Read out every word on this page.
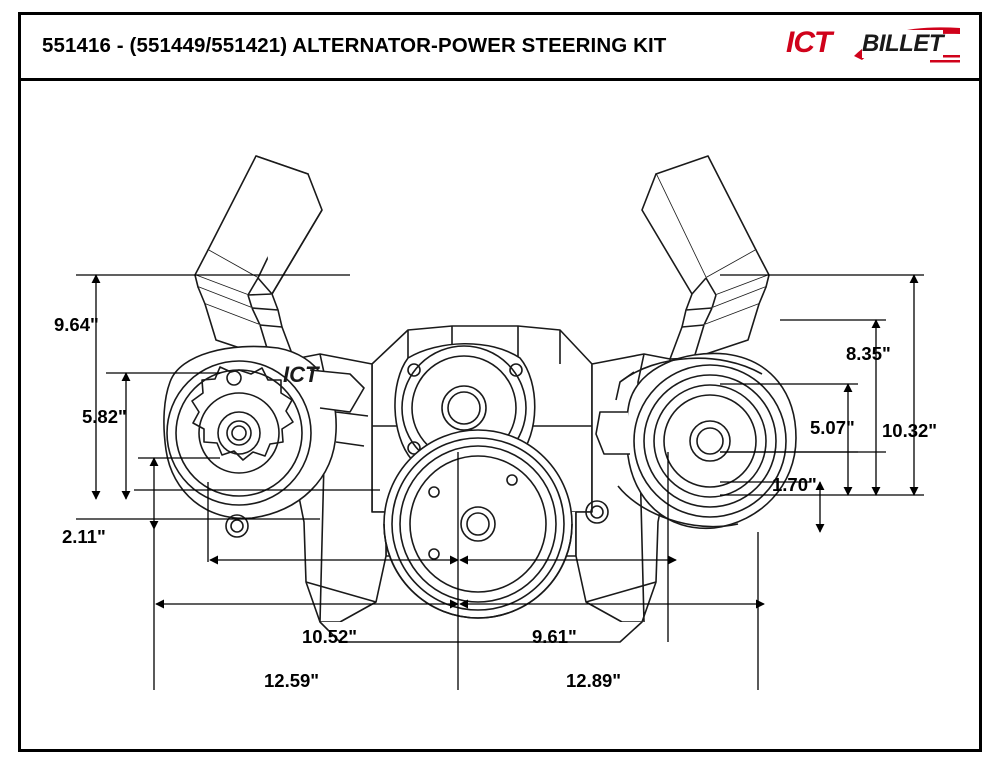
551416 - (551449/551421) ALTERNATOR-POWER STEERING KIT	ICT BILLET
ICT
9.64"
5.82"
2.11"
8.35"
10.32"
5.07"
1.70"
10.52"	9.61"
12.59"	12.89"
